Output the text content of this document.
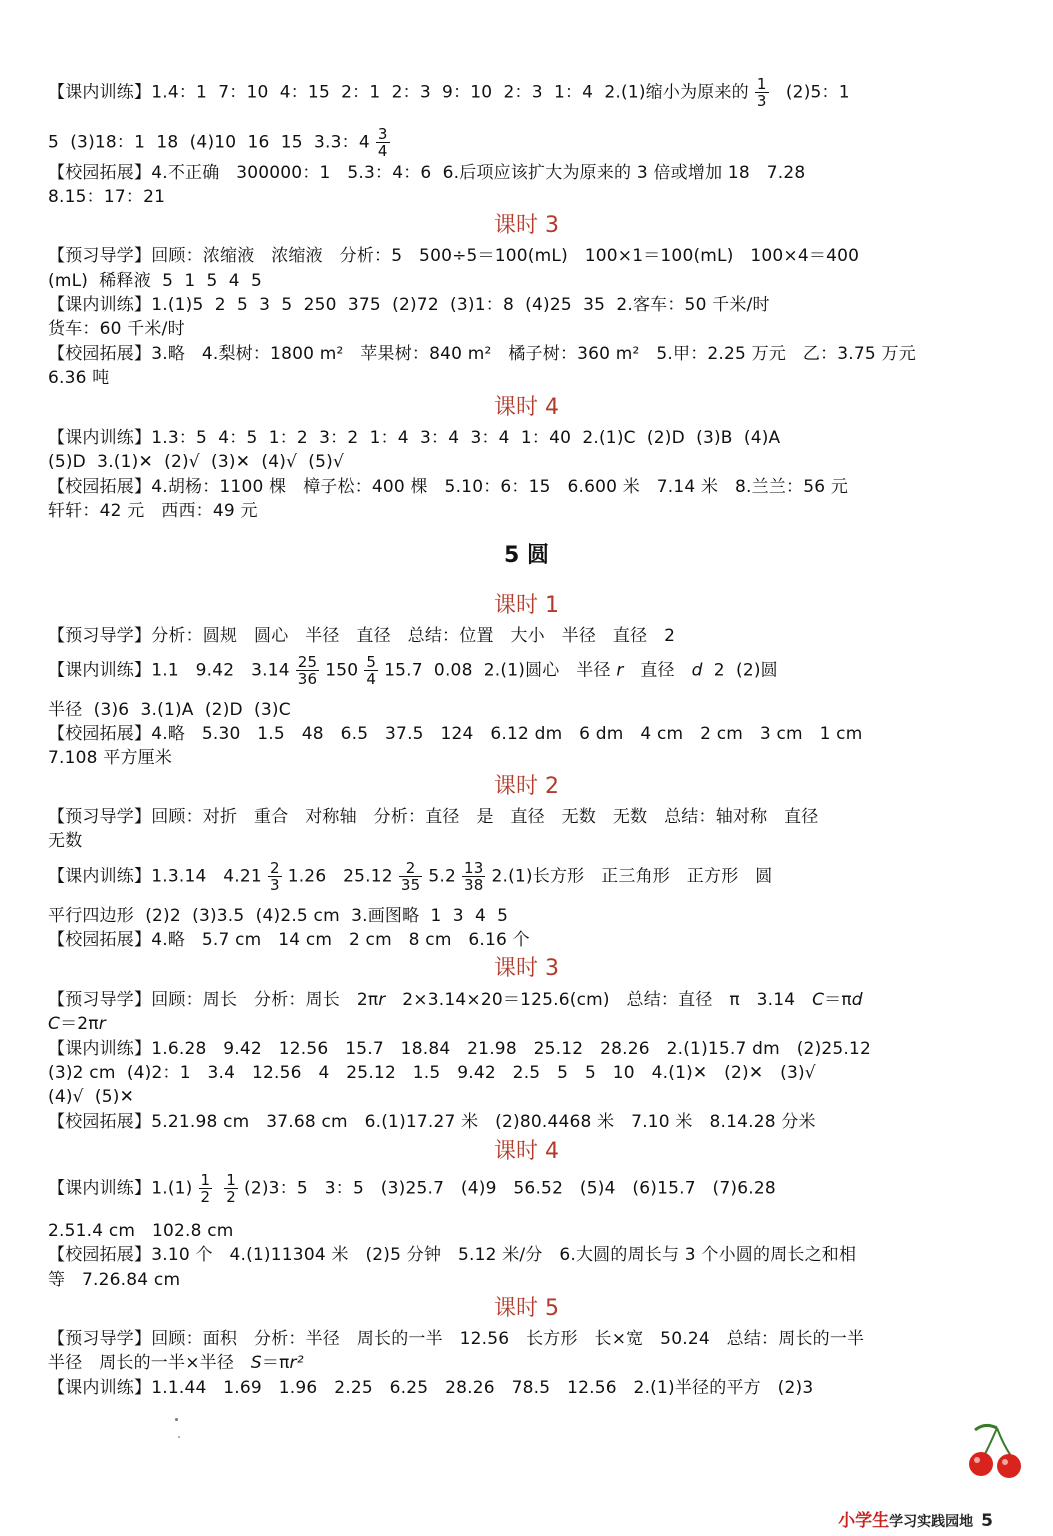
【课内训练】1.4：1  7：10  4：15  2：1  2：3  9：10  2：3  1：4  2.(1)缩小为原来的 $\frac{1}{3} (2)5$：1
5  (3)18：1  18  (4)10  16  15  3.3：$4 \frac{3}{4}$
【校园拓展】4.不正确   300000：1   5.3：4：6  6.后项应该扩大为原来的 3 倍或增加 18   7.28
8.15：17：21
课时 3
【预习导学】回顾：浓缩液   浓缩液   分析：5   500÷5＝100(mL)   100×1＝100(mL)   100×4＝400
(mL)  稀释液  5  1  5  4  5
【课内训练】1.(1)5  2  5  3  5  250  375  (2)72  (3)1：8  (4)25  35  2.客车：50 千米/时
货车：60 千米/时
【校园拓展】3.略   4.梨树：1800 m²   苹果树：840 m²   橘子树：360 m²   5.甲：2.25 万元   乙：3.75 万元
6.36 吨
课时 4
【课内训练】1.3：5  4：5  1：2  3：2  1：4  3：4  3：4  1：40  2.(1)C  (2)D  (3)B  (4)A
(5)D  3.(1)✕  (2)√  (3)✕  (4)√  (5)√
【校园拓展】4.胡杨：1100 棵   樟子松：400 棵   5.10：6：15   6.600 米   7.14 米   8.兰兰：56 元
轩轩：42 元   西西：49 元
5 圆
课时 1
【预习导学】分析：圆规   圆心   半径   直径   总结：位置   大小   半径   直径   2
【课内训练】1.1   9.42   $3.14 \frac{25}{36} 150 \frac{5}{4} 15.7$  0.08  2.(1)圆心   半径 r 直径 d 2  (2)圆
半径  (3)6  3.(1)A  (2)D  (3)C
【校园拓展】4.略   5.30   1.5   48   6.5   37.5   124   6.12 dm   6 dm   4 cm   2 cm   3 cm   1 cm
7.108 平方厘米
课时 2
【预习导学】回顾：对折   重合   对称轴   分析：直径   是   直径   无数   无数   总结：轴对称   直径
无数
【课内训练】1.3.14   $4.21 \frac{2}{3} 1.26$   $25.12 \frac{2}{35} 5.2 \frac{13}{38} 2.(1)$长方形   正三角形   正方形   圆
平行四边形  (2)2  (3)3.5  (4)2.5 cm  3.画图略  1  3  4  5
【校园拓展】4.略   5.7 cm   14 cm   2 cm   8 cm   6.16 个
课时 3
【预习导学】回顾：周长   分析：周长   2πr   2×3.14×20＝125.6(cm)   总结：直径   π   3.14   C＝πd
C＝2πr
【课内训练】1.6.28   9.42   12.56   15.7   18.84   21.98   25.12   28.26   2.(1)15.7 dm   (2)25.12
(3)2 cm  (4)2：1   3.4   12.56   4   25.12   1.5   9.42   2.5   5   5   10   4.(1)✕   (2)✕   (3)√
(4)√  (5)✕
【校园拓展】5.21.98 cm   37.68 cm   6.(1)17.27 米   (2)80.4468 米   7.10 米   8.14.28 分米
课时 4
【课内训练】$1.(1) \frac{1}{2} \frac{1}{2} (2)3$：5   3：5   (3)25.7   (4)9   56.52   (5)4   (6)15.7   (7)6.28
2.51.4 cm   102.8 cm
【校园拓展】3.10 个   4.(1)11304 米   (2)5 分钟   5.12 米/分   6.大圆的周长与 3 个小圆的周长之和相
等   7.26.84 cm
课时 5
【预习导学】回顾：面积   分析：半径   周长的一半   12.56   长方形   长×宽   50.24   总结：周长的一半
半径   周长的一半×半径   S＝πr²
【课内训练】1.1.44   1.69   1.96   2.25   6.25   28.26   78.5   12.56   2.(1)半径的平方   (2)3
小学生学习实践园地 5
